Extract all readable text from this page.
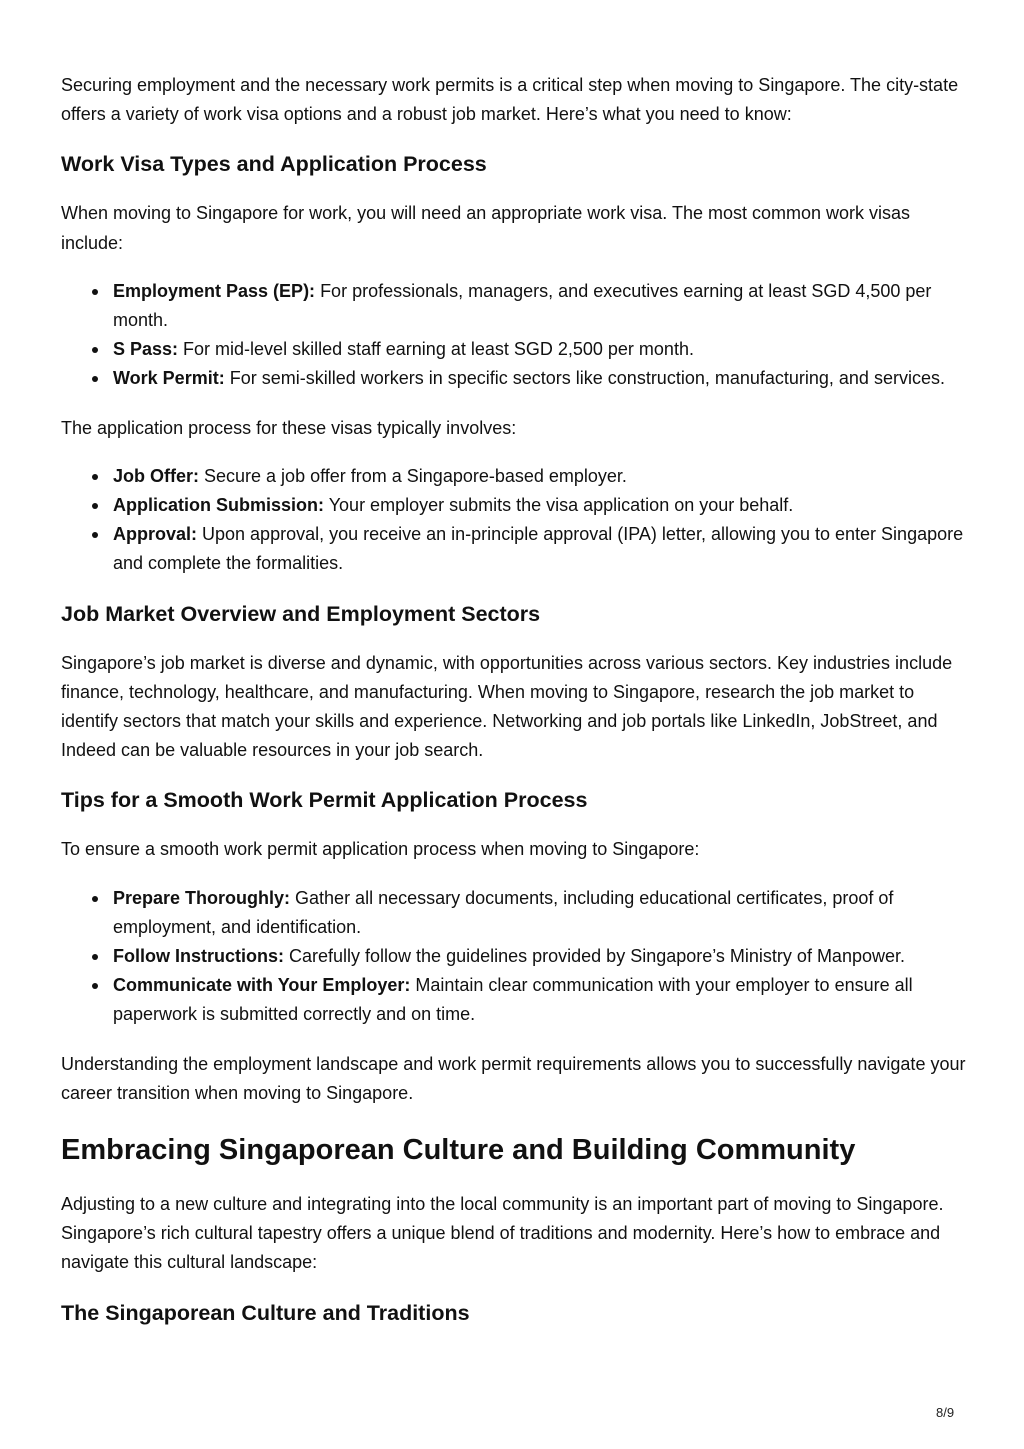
Securing employment and the necessary work permits is a critical step when moving to Singapore. The city-state offers a variety of work visa options and a robust job market. Here’s what you need to know:

Work Visa Types and Application Process

When moving to Singapore for work, you will need an appropriate work visa. The most common work visas include:

Employment Pass (EP): For professionals, managers, and executives earning at least SGD 4,500 per month.
S Pass: For mid-level skilled staff earning at least SGD 2,500 per month.
Work Permit: For semi-skilled workers in specific sectors like construction, manufacturing, and services.

The application process for these visas typically involves:

Job Offer: Secure a job offer from a Singapore-based employer.
Application Submission: Your employer submits the visa application on your behalf.
Approval: Upon approval, you receive an in-principle approval (IPA) letter, allowing you to enter Singapore and complete the formalities.
Job Market Overview and Employment Sectors

Singapore’s job market is diverse and dynamic, with opportunities across various sectors. Key industries include finance, technology, healthcare, and manufacturing. When moving to Singapore, research the job market to identify sectors that match your skills and experience. Networking and job portals like LinkedIn, JobStreet, and Indeed can be valuable resources in your job search.

Tips for a Smooth Work Permit Application Process

To ensure a smooth work permit application process when moving to Singapore:

Prepare Thoroughly: Gather all necessary documents, including educational certificates, proof of employment, and identification.
Follow Instructions: Carefully follow the guidelines provided by Singapore’s Ministry of Manpower.
Communicate with Your Employer: Maintain clear communication with your employer to ensure all paperwork is submitted correctly and on time.

Understanding the employment landscape and work permit requirements allows you to successfully navigate your career transition when moving to Singapore.

Embracing Singaporean Culture and Building Community

Adjusting to a new culture and integrating into the local community is an important part of moving to Singapore. Singapore’s rich cultural tapestry offers a unique blend of traditions and modernity. Here’s how to embrace and navigate this cultural landscape:

The Singaporean Culture and Traditions
8/9
